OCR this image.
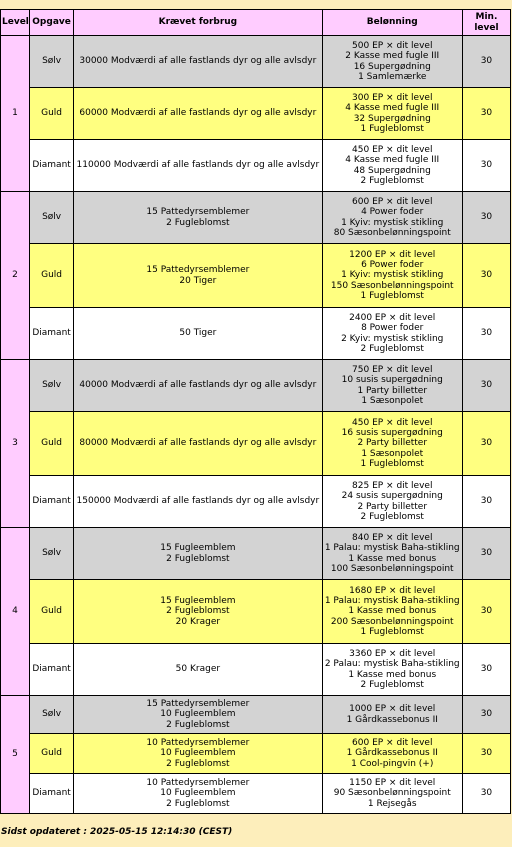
Level	Opgave	Krævet forbrug	Belønning	Min. level
1	Sølv	30000 Modværdi af alle fastlands dyr og alle avlsdyr	500 EP × dit level
2 Kasse med fugle III
16 Supergødning
1 Samlemærke	30
	Guld	60000 Modværdi af alle fastlands dyr og alle avlsdyr	300 EP × dit level
4 Kasse med fugle III
32 Supergødning
1 Fugleblomst	30
	Diamant	110000 Modværdi af alle fastlands dyr og alle avlsdyr	450 EP × dit level
4 Kasse med fugle III
48 Supergødning
2 Fugleblomst	30
2	Sølv	15 Pattedyrsemblemer
2 Fugleblomst	600 EP × dit level
4 Power foder
1 Kyiv: mystisk stikling
80 Sæsonbelønningspoint	30
	Guld	15 Pattedyrsemblemer
20 Tiger	1200 EP × dit level
6 Power foder
1 Kyiv: mystisk stikling
150 Sæsonbelønningspoint
1 Fugleblomst	30
	Diamant	50 Tiger	2400 EP × dit level
8 Power foder
2 Kyiv: mystisk stikling
2 Fugleblomst	30
3	Sølv	40000 Modværdi af alle fastlands dyr og alle avlsdyr	750 EP × dit level
10 susis supergødning
1 Party billetter
1 Sæsonpolet	30
	Guld	80000 Modværdi af alle fastlands dyr og alle avlsdyr	450 EP × dit level
16 susis supergødning
2 Party billetter
1 Sæsonpolet
1 Fugleblomst	30
	Diamant	150000 Modværdi af alle fastlands dyr og alle avlsdyr	825 EP × dit level
24 susis supergødning
2 Party billetter
2 Fugleblomst	30
4	Sølv	15 Fugleemblem
2 Fugleblomst	840 EP × dit level
1 Palau: mystisk Baha-stikling
1 Kasse med bonus
100 Sæsonbelønningspoint	30
	Guld	15 Fugleemblem
2 Fugleblomst
20 Krager	1680 EP × dit level
1 Palau: mystisk Baha-stikling
1 Kasse med bonus
200 Sæsonbelønningspoint
1 Fugleblomst	30
	Diamant	50 Krager	3360 EP × dit level
2 Palau: mystisk Baha-stikling
1 Kasse med bonus
2 Fugleblomst	30
5	Sølv	15 Pattedyrsemblemer
10 Fugleemblem
2 Fugleblomst	1000 EP × dit level
1 Gårdkassebonus II	30
	Guld	10 Pattedyrsemblemer
10 Fugleemblem
2 Fugleblomst	600 EP × dit level
1 Gårdkassebonus II
1 Cool-pingvin (+)	30
	Diamant	10 Pattedyrsemblemer
10 Fugleemblem
2 Fugleblomst	1150 EP × dit level
90 Sæsonbelønningspoint
1 Rejsegås	30
Sidst opdateret : 2025-05-15 12:14:30 (CEST)
